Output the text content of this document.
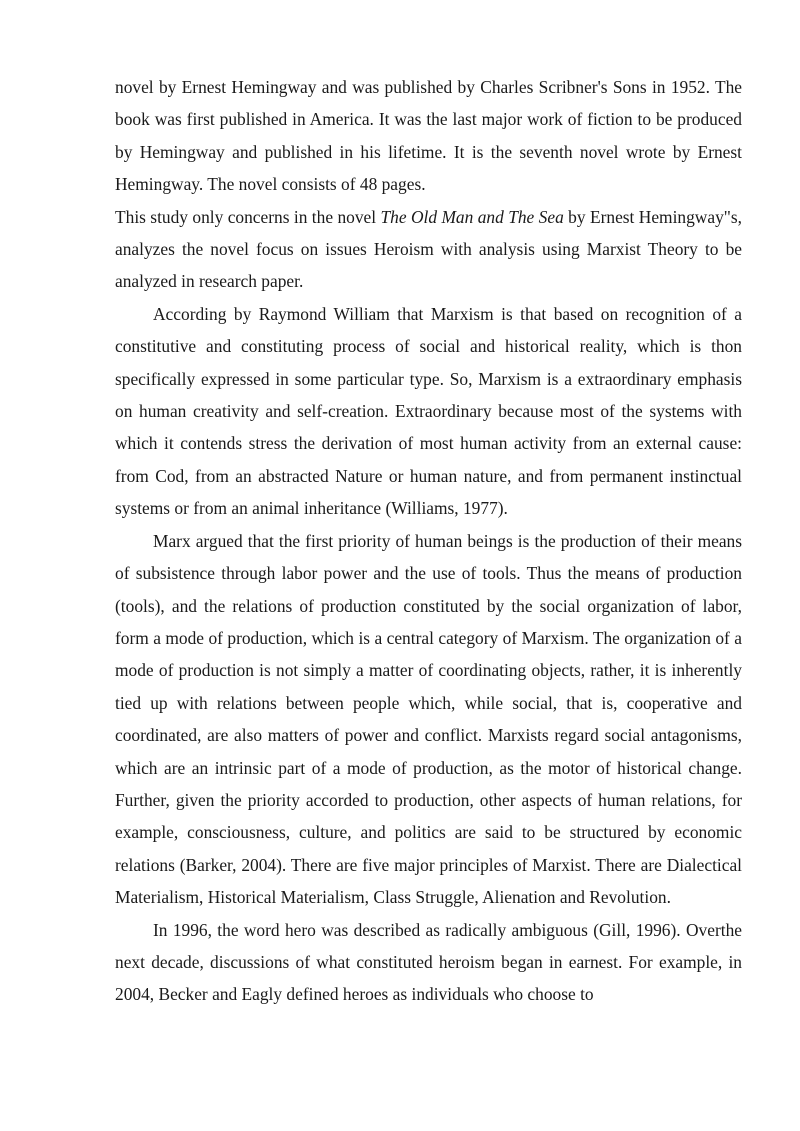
novel by Ernest Hemingway and was published by Charles Scribner's Sons in 1952. The book was first published in America. It was the last major work of fiction to be produced by Hemingway and published in his lifetime. It is the seventh novel wrote by Ernest Hemingway. The novel consists of 48 pages.

This study only concerns in the novel The Old Man and The Sea by Ernest Hemingway"s, analyzes the novel focus on issues Heroism with analysis using Marxist Theory to be analyzed in research paper.

According by Raymond William that Marxism is that based on recognition of a constitutive and constituting process of social and historical reality, which is thon specifically expressed in some particular type. So, Marxism is a extraordinary emphasis on human creativity and self-creation. Extraordinary because most of the systems with which it contends stress the derivation of most human activity from an external cause: from Cod, from an abstracted Nature or human nature, and from permanent instinctual systems or from an animal inheritance (Williams, 1977).

Marx argued that the first priority of human beings is the production of their means of subsistence through labor power and the use of tools. Thus the means of production (tools), and the relations of production constituted by the social organization of labor, form a mode of production, which is a central category of Marxism. The organization of a mode of production is not simply a matter of coordinating objects, rather, it is inherently tied up with relations between people which, while social, that is, cooperative and coordinated, are also matters of power and conflict. Marxists regard social antagonisms, which are an intrinsic part of a mode of production, as the motor of historical change. Further, given the priority accorded to production, other aspects of human relations, for example, consciousness, culture, and politics are said to be structured by economic relations (Barker, 2004). There are five major principles of Marxist. There are Dialectical Materialism, Historical Materialism, Class Struggle, Alienation and Revolution.

In 1996, the word hero was described as radically ambiguous (Gill, 1996). Overthe next decade, discussions of what constituted heroism began in earnest. For example, in 2004, Becker and Eagly defined heroes as individuals who choose to
